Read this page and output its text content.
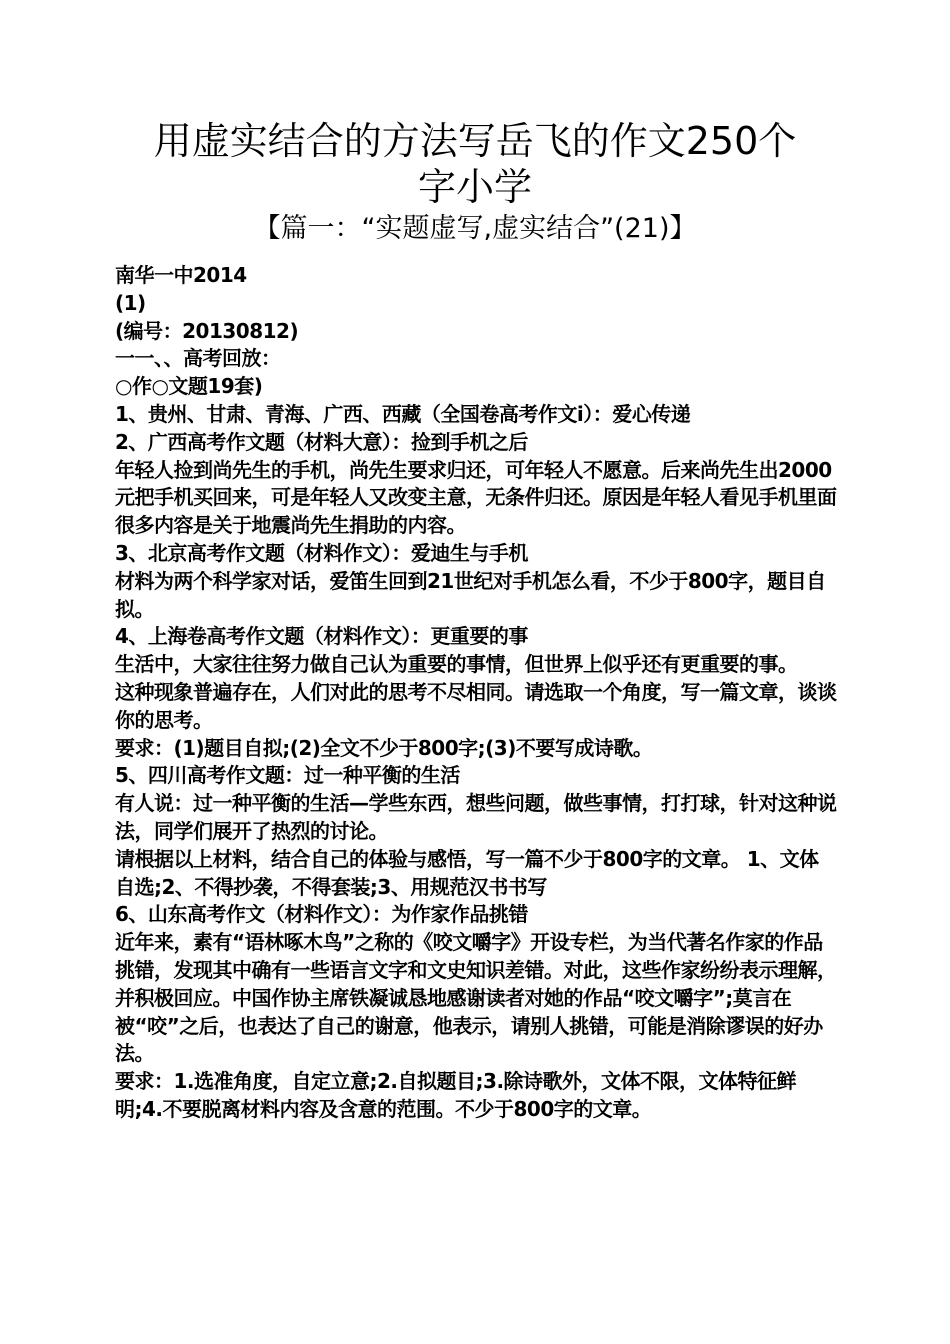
用虚实结合的方法写岳飞的作文250个
字小学

【篇一：“实题虚写,虚实结合”(21)】

南华一中2014

(1)

(编号：20130812)

一一、、高考回放：

○作○文题19套)

1、贵州、甘肃、青海、广西、西藏（全国卷高考作文i）：爱心传递

2、广西高考作文题（材料大意）：捡到手机之后

年轻人捡到尚先生的手机，尚先生要求归还，可年轻人不愿意。后来尚先生出2000元把手机买回来，可是年轻人又改变主意，无条件归还。原因是年轻人看见手机里面很多内容是关于地震尚先生捐助的内容。

3、北京高考作文题（材料作文）：爱迪生与手机

材料为两个科学家对话，爱笛生回到21世纪对手机怎么看，不少于800字，题目自拟。

4、上海卷高考作文题（材料作文）：更重要的事

生活中，大家往往努力做自己认为重要的事情，但世界上似乎还有更重要的事。

这种现象普遍存在，人们对此的思考不尽相同。请选取一个角度，写一篇文章，谈谈你的思考。

要求：(1)题目自拟;(2)全文不少于800字;(3)不要写成诗歌。

5、四川高考作文题：过一种平衡的生活

有人说：过一种平衡的生活—学些东西，想些问题，做些事情，打打球，针对这种说法，同学们展开了热烈的讨论。

请根据以上材料，结合自己的体验与感悟，写一篇不少于800字的文章。 1、文体自选;2、不得抄袭，不得套装;3、用规范汉书书写

6、山东高考作文（材料作文）：为作家作品挑错

近年来，素有“语林啄木鸟”之称的《咬文嚼字》开设专栏，为当代著名作家的作品挑错，发现其中确有一些语言文字和文史知识差错。对此，这些作家纷纷表示理解，并积极回应。中国作协主席铁凝诚恳地感谢读者对她的作品“咬文嚼字”;莫言在被“咬”之后，也表达了自己的谢意，他表示，请别人挑错，可能是消除谬误的好办法。

要求：1.选准角度，自定立意;2.自拟题目;3.除诗歌外，文体不限，文体特征鲜明;4.不要脱离材料内容及含意的范围。不少于800字的文章。
